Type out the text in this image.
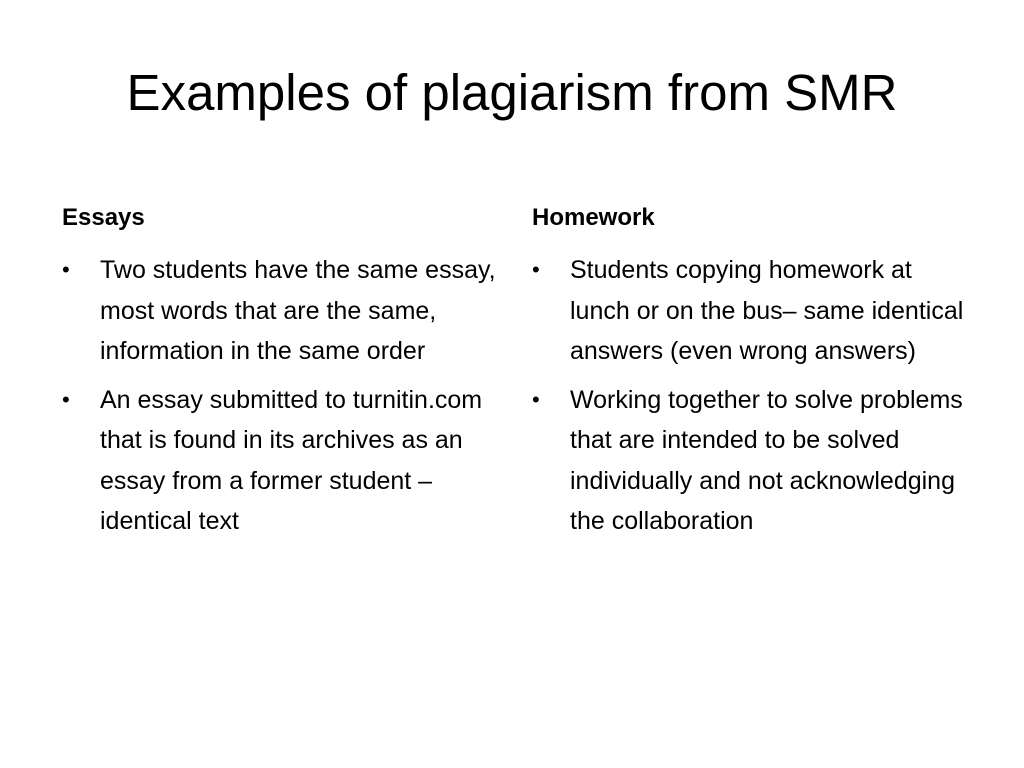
Examples of plagiarism from SMR
Essays
•	Two students have the same essay, most words that are the same, information in the same order
•	An essay submitted to turnitin.com that is found in its archives as an essay from a former student – identical text
Homework
•	Students copying homework at lunch or on the bus– same identical answers (even wrong answers)
•	Working together to solve problems that are intended to be solved individually and not acknowledging the collaboration
